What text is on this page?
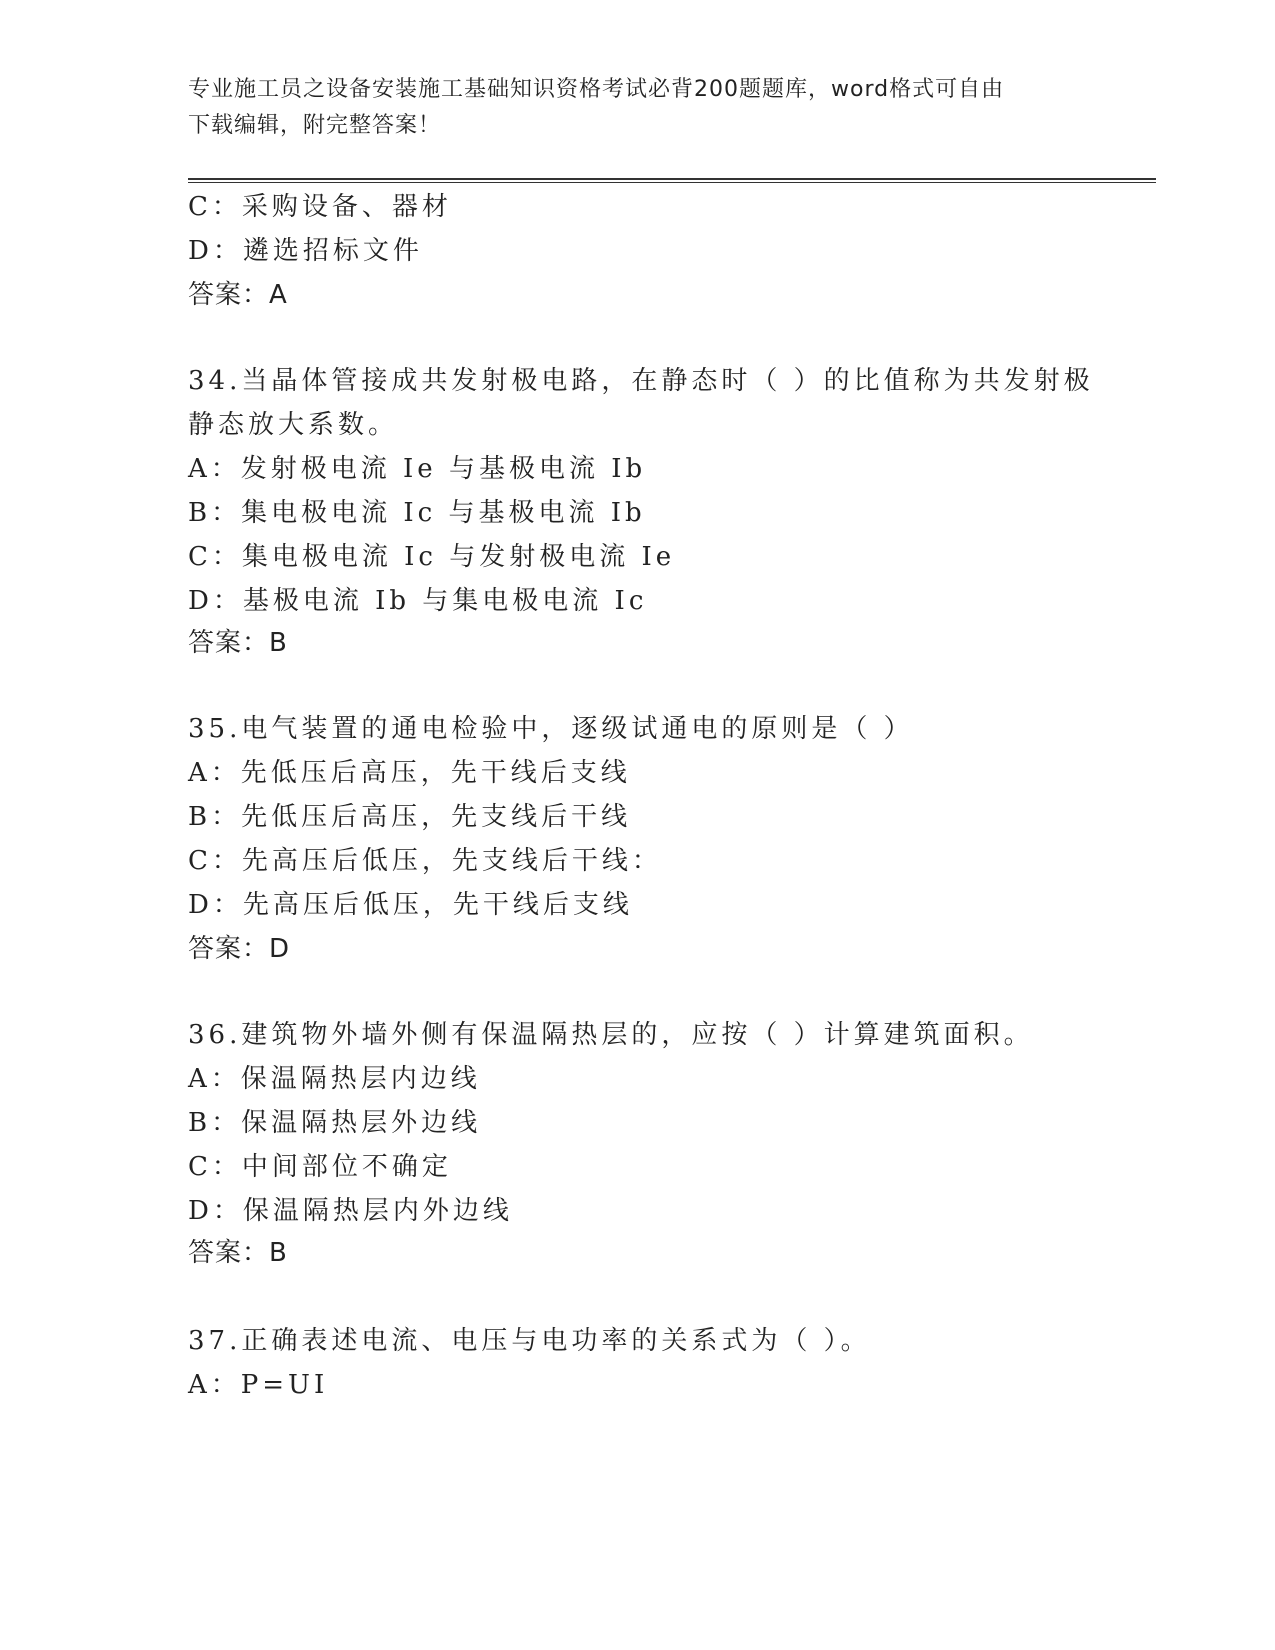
专业施工员之设备安装施工基础知识资格考试必背200题题库，word格式可自由
下载编辑，附完整答案！
C：采购设备、器材
D：遴选招标文件
答案：A
34.当晶体管接成共发射极电路，在静态时（ ）的比值称为共发射极
静态放大系数。
A：发射极电流 Ie 与基极电流 Ib
B：集电极电流 Ic 与基极电流 Ib
C：集电极电流 Ic 与发射极电流 Ie
D：基极电流 Ib 与集电极电流 Ic
答案：B
35.电气装置的通电检验中，逐级试通电的原则是（ ）
A：先低压后高压，先干线后支线
B：先低压后高压，先支线后干线
C：先高压后低压，先支线后干线：
D：先高压后低压，先干线后支线
答案：D
36.建筑物外墙外侧有保温隔热层的，应按（ ）计算建筑面积。
A：保温隔热层内边线
B：保温隔热层外边线
C：中间部位不确定
D：保温隔热层内外边线
答案：B
37.正确表述电流、电压与电功率的关系式为（ ）。
A：P=UI
